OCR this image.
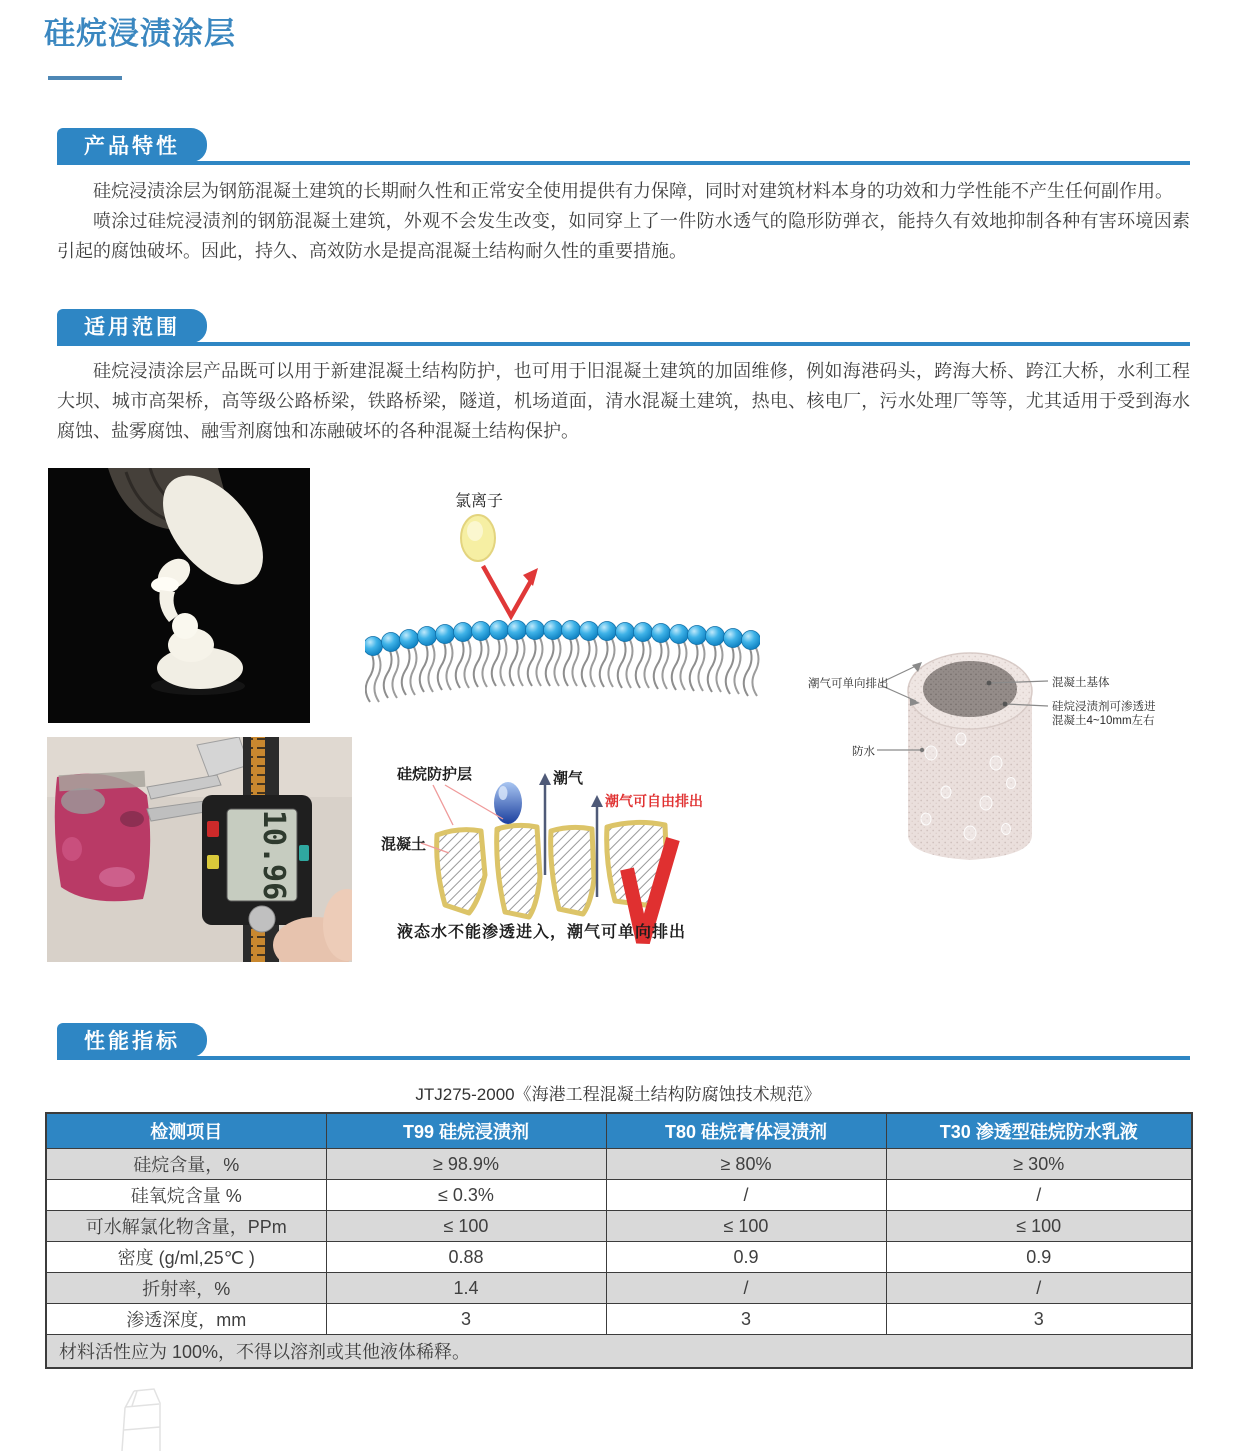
硅烷浸渍涂层
产品特性

硅烷浸渍涂层为钢筋混凝土建筑的长期耐久性和正常安全使用提供有力保障，同时对建筑材料本身的功效和力学性能不产生任何副作用。

喷涂过硅烷浸渍剂的钢筋混凝土建筑，外观不会发生改变，如同穿上了一件防水透气的隐形防弹衣，能持久有效地抑制各种有害环境因素引起的腐蚀破坏。因此，持久、高效防水是提高混凝土结构耐久性的重要措施。

适用范围

硅烷浸渍涂层产品既可以用于新建混凝土结构防护，也可用于旧混凝土建筑的加固维修，例如海港码头，跨海大桥、跨江大桥，水利工程大坝、城市高架桥，高等级公路桥梁，铁路桥梁，隧道，机场道面，清水混凝土建筑，热电、核电厂，污水处理厂等等，尤其适用于受到海水腐蚀、盐雾腐蚀、融雪剂腐蚀和冻融破坏的各种混凝土结构保护。

氯离子
潮气可单向排出	混凝土基体
硅烷浸渍剂可渗透进
混凝土4~10mm左右
防水
10.96
硅烷防护层	潮气
潮气可自由排出
混凝土
液态水不能渗透进入，潮气可单向排出
性能指标
JTJ275-2000《海港工程混凝土结构防腐蚀技术规范》
检测项目	T99 硅烷浸渍剂	T80 硅烷膏体浸渍剂	T30 渗透型硅烷防水乳液
硅烷含量，%	≥ 98.9%	≥ 80%	≥ 30%
硅氧烷含量 %	≤ 0.3%	/	/
可水解氯化物含量，PPm	≤ 100	≤ 100	≤ 100
密度 (g/ml,25℃ )	0.88	0.9	0.9
折射率，%	1.4	/	/
渗透深度，mm	3	3	3
材料活性应为 100%，不得以溶剂或其他液体稀释。			
